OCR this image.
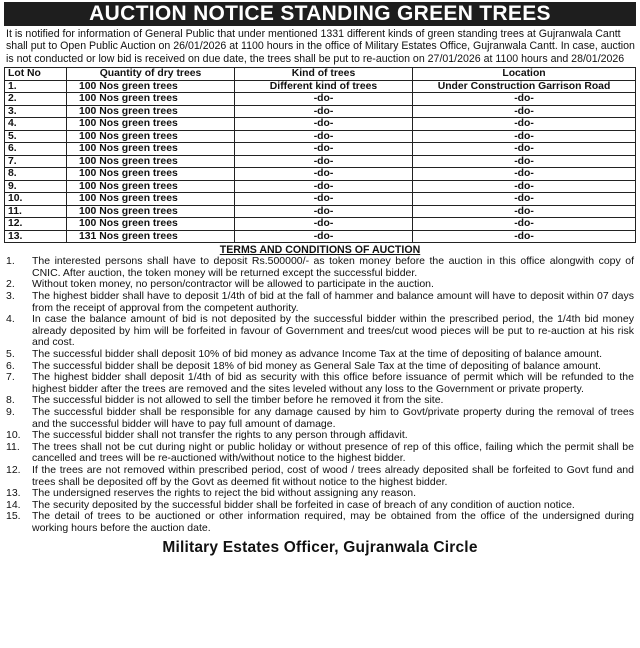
AUCTION NOTICE STANDING GREEN TREES
It is notified for information of General Public that under mentioned 1331 different kinds of green standing trees at Gujranwala Cantt shall put to Open Public Auction on 26/01/2026 at 1100 hours in the office of Military Estates Office, Gujranwala Cantt. In case, auction is not conducted or low bid is received on due date, the trees shall be put to re-auction on 27/01/2026 at 1100 hours and 28/01/2026
Lot No	Quantity of dry trees	Kind of trees	Location
1.	100 Nos green trees	Different kind of trees	Under Construction Garrison Road
2.	100 Nos green trees	-do-	-do-
3.	100 Nos green trees	-do-	-do-
4.	100 Nos green trees	-do-	-do-
5.	100 Nos green trees	-do-	-do-
6.	100 Nos green trees	-do-	-do-
7.	100 Nos green trees	-do-	-do-
8.	100 Nos green trees	-do-	-do-
9.	100 Nos green trees	-do-	-do-
10.	100 Nos green trees	-do-	-do-
11.	100 Nos green trees	-do-	-do-
12.	100 Nos green trees	-do-	-do-
13.	131 Nos green trees	-do-	-do-
TERMS AND CONDITIONS OF AUCTION
1.	The interested persons shall have to deposit Rs.500000/- as token money before the auction in this office alongwith copy of CNIC. After auction, the token money will be returned except the successful bidder.
2.	Without token money, no person/contractor will be allowed to participate in the auction.
3.	The highest bidder shall have to deposit 1/4th of bid at the fall of hammer and balance amount will have to deposit within 07 days from the receipt of approval from the competent authority.
4.	In case the balance amount of bid is not deposited by the successful bidder within the prescribed period, the 1/4th bid money already deposited by him will be forfeited in favour of Government and trees/cut wood pieces will be put to re-auction at his risk and cost.
5.	The successful bidder shall deposit 10% of bid money as advance Income Tax at the time of depositing of balance amount.
6.	The successful bidder shall be deposit 18% of bid money as General Sale Tax at the time of depositing of balance amount.
7.	The highest bidder shall deposit 1/4th of bid as security with this office before issuance of permit which will be refunded to the highest bidder after the trees are removed and the sites leveled without any loss to the Government or private property.
8.	The successful bidder is not allowed to sell the timber before he removed it from the site.
9.	The successful bidder shall be responsible for any damage caused by him to Govt/private property during the removal of trees and the successful bidder will have to pay full amount of damage.
10.	The successful bidder shall not transfer the rights to any person through affidavit.
11.	The trees shall not be cut during night or public holiday or without presence of rep of this office, failing which the permit shall be cancelled and trees will be re-auctioned with/without notice to the highest bidder.
12.	If the trees are not removed within prescribed period, cost of wood / trees already deposited shall be forfeited to Govt fund and trees shall be deposited off by the Govt as deemed fit without notice to the highest bidder.
13.	The undersigned reserves the rights to reject the bid without assigning any reason.
14.	The security deposited by the successful bidder shall be forfeited in case of breach of any condition of auction notice.
15.	The detail of trees to be auctioned or other information required, may be obtained from the office of the undersigned during working hours before the auction date.
Military Estates Officer, Gujranwala Circle
